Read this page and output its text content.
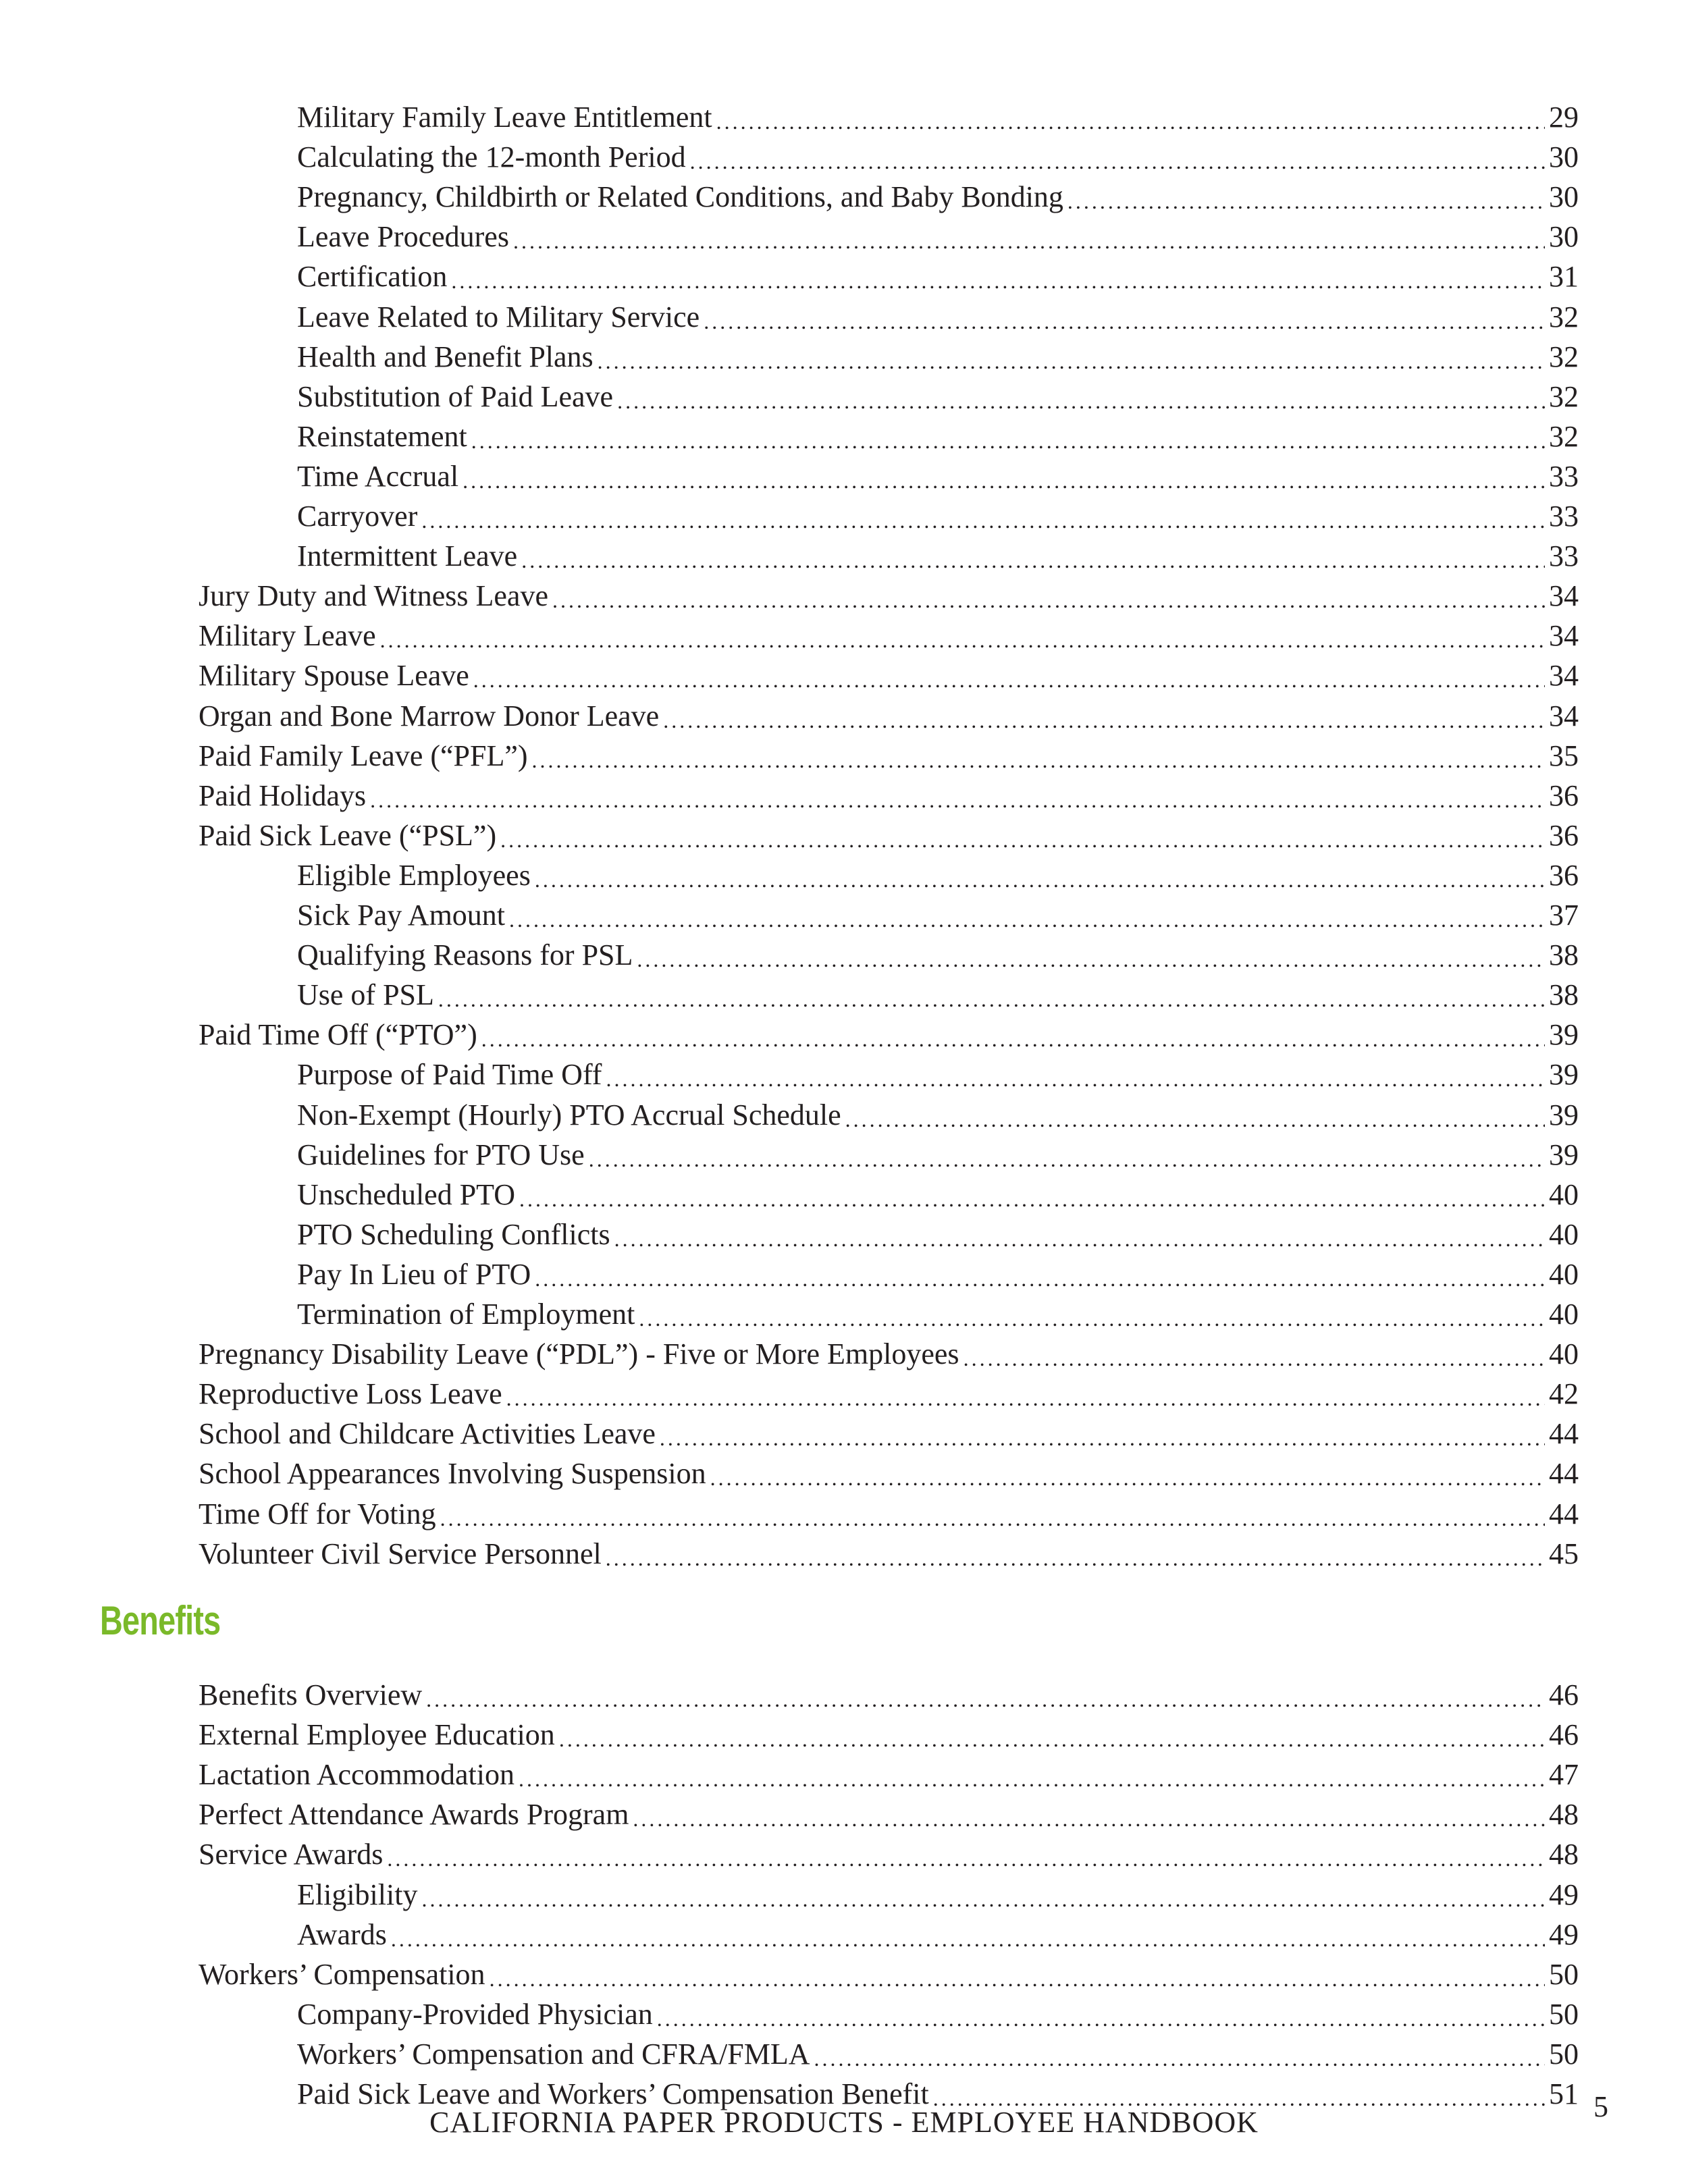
Military Family Leave Entitlement .....	29
Calculating the 12-month Period .....	30
Pregnancy, Childbirth or Related Conditions, and Baby Bonding .....	30
Leave Procedures .....	30
Certification .....	31
Leave Related to Military Service .....	32
Health and Benefit Plans .....	32
Substitution of Paid Leave .....	32
Reinstatement .....	32
Time Accrual .....	33
Carryover .....	33
Intermittent Leave .....	33
Jury Duty and Witness Leave .....	34
Military Leave .....	34
Military Spouse Leave .....	34
Organ and Bone Marrow Donor Leave .....	34
Paid Family Leave (“PFL”) .....	35
Paid Holidays .....	36
Paid Sick Leave (“PSL”) .....	36
Eligible Employees .....	36
Sick Pay Amount .....	37
Qualifying Reasons for PSL .....	38
Use of PSL .....	38
Paid Time Off (“PTO”) .....	39
Purpose of Paid Time Off .....	39
Non-Exempt (Hourly) PTO Accrual Schedule .....	39
Guidelines for PTO Use .....	39
Unscheduled PTO .....	40
PTO Scheduling Conflicts .....	40
Pay In Lieu of PTO .....	40
Termination of Employment .....	40
Pregnancy Disability Leave (“PDL”) - Five or More Employees .....	40
Reproductive Loss Leave .....	42
School and Childcare Activities Leave .....	44
School Appearances Involving Suspension .....	44
Time Off for Voting .....	44
Volunteer Civil Service Personnel .....	45
Benefits
Benefits Overview .....	46
External Employee Education .....	46
Lactation Accommodation .....	47
Perfect Attendance Awards Program .....	48
Service Awards .....	48
Eligibility .....	49
Awards .....	49
Workers’ Compensation .....	50
Company-Provided Physician .....	50
Workers’ Compensation and CFRA/FMLA .....	50
Paid Sick Leave and Workers’ Compensation Benefit .....	51
CALIFORNIA PAPER PRODUCTS - EMPLOYEE HANDBOOK	5
